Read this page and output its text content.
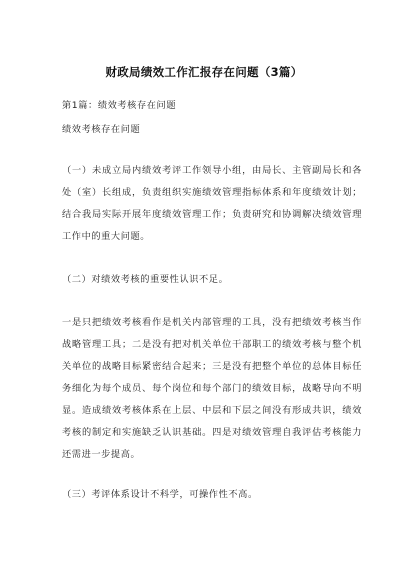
财政局绩效工作汇报存在问题（3篇）
第1篇：绩效考核存在问题
绩效考核存在问题
（一）未成立局内绩效考评工作领导小组，由局长、主管副局长和各处（室）长组成，负责组织实施绩效管理指标体系和年度绩效计划；结合我局实际开展年度绩效管理工作；负责研究和协调解决绩效管理工作中的重大问题。
（二）对绩效考核的重要性认识不足。
一是只把绩效考核看作是机关内部管理的工具，没有把绩效考核当作战略管理工具；二是没有把对机关单位干部职工的绩效考核与整个机关单位的战略目标紧密结合起来；三是没有把整个单位的总体目标任务细化为每个成员、每个岗位和每个部门的绩效目标，战略导向不明显。造成绩效考核体系在上层、中层和下层之间没有形成共识，绩效考核的制定和实施缺乏认识基础。四是对绩效管理自我评估考核能力还需进一步提高。
（三）考评体系设计不科学，可操作性不高。
